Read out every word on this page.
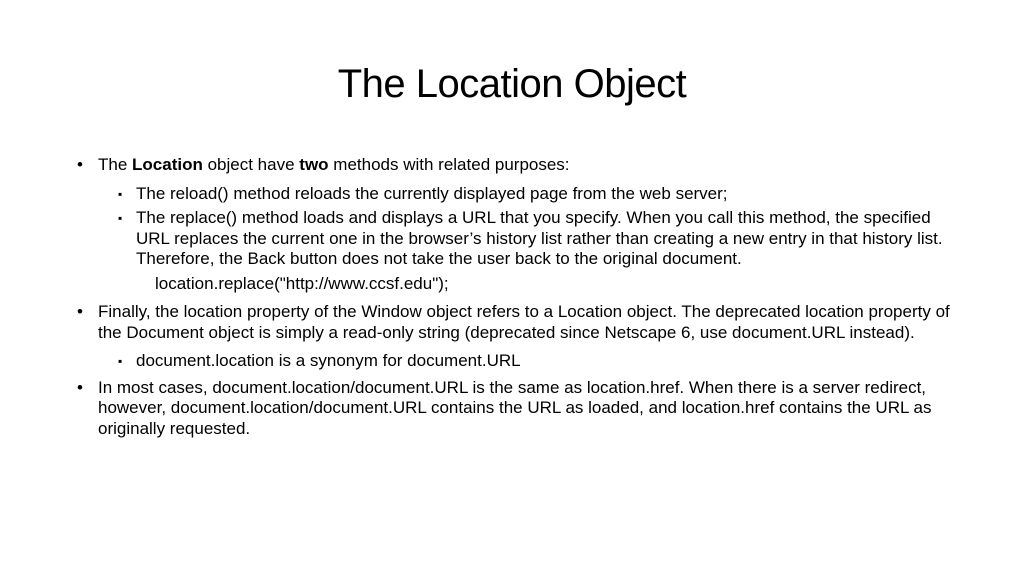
The Location Object
• The Location object have two methods with related purposes:
▪ The reload() method reloads the currently displayed page from the web server;
▪ The replace() method loads and displays a URL that you specify. When you call this method, the specified URL replaces the current one in the browser’s history list rather than creating a new entry in that history list. Therefore, the Back button does not take the user back to the original document.
location.replace("http://www.ccsf.edu");
• Finally, the location property of the Window object refers to a Location object. The deprecated location property of the Document object is simply a read-only string (deprecated since Netscape 6, use document.URL instead).
▪ document.location is a synonym for document.URL
• In most cases, document.location/document.URL is the same as location.href. When there is a server redirect, however, document.location/document.URL contains the URL as loaded, and location.href contains the URL as originally requested.
